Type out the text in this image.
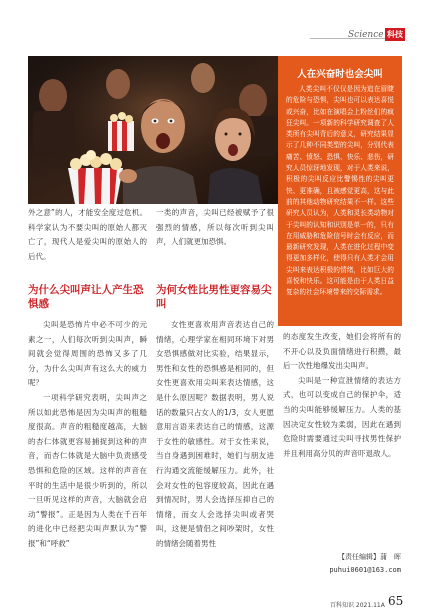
Science 科技
人在兴奋时也会尖叫
人类尖叫不仅仅是因为追在眉睫的危险与恐惧，尖叫也可以表达喜悦或兴奋，比如在演唱会上粉丝们的疯狂尖叫。一项新的科学研究调查了人类所有尖叫背后的意义，研究结果显示了几种不同类型的尖叫，分别代表痛苦、愤怒、恐惧、快乐、悲伤，研究人员惊讶地发现，对于人类来说，积极的尖叫反应比警惕性的尖叫更快、更准确，且被感觉更高，这与此前的其他动物研究结果不一样。这些研究人员认为，人类和灵长类动物对于尖叫的认知和识别是单一的，只有在用威胁和危险信号时会有反应，而最新研究发现，人类在进化过程中变得更加多样化，使得只有人类才会用尖叫来表达积极的情绪，比如巨大的喜悦和快乐。这可能是由于人类日益复杂的社会环境带来的交际需求。

外之意”的人，才能安全度过危机。科学家认为不要尖叫的原始人都灭亡了，现代人是爱尖叫的原始人的后代。

为什么尖叫声让人产生恐惧感

尖叫是恐怖片中必不可少的元素之一，人们每次听到尖叫声，瞬间就会觉得周围的恐怖又多了几分，为什么尖叫声有这么大的威力呢？

一项科学研究表明，尖叫声之所以如此恐怖是因为尖叫声的粗糙度很高。声音的粗糙度越高，大脑的杏仁体就更容易捕捉到这种的声音，而杏仁体就是大脑中负责感受恐惧和危险的区域。这样的声音在平时的生活中是很少听到的，所以一旦听见这样的声音，大脑就会启动“警报”。正是因为人类在千百年的进化中已经把尖叫声默认为“警报”和“呼救”

一类的声音，尖叫已经被赋予了很强烈的情感，所以每次听到尖叫声，人们就更加恐惧。

为何女性比男性更容易尖叫

女性更喜欢用声音表达自己的情绪，心理学家在相同环境下对男女恐惧感做对比实验，结果显示，男性和女性的恐惧感是相同的，但女性更喜欢用尖叫来表达情感，这是什么原因呢？数据表明，男人说话的数量只占女人的1/3，女人更愿意用言语来表达自己的情感，这源于女性的敏感性。对于女性来说，当自身遇到困难时，她们与朋友进行沟通交流能缓解压力。此外，社会对女性的包容度较高，因此在遇到情况时，男人会选择压抑自己的情绪，而女人会选择尖叫或者哭叫，这便是情侣之间吵架时，女性的情绪会随着男性

的态度发生改变，她们会将所有的不开心以及负面情绪进行积攒，最后一次性地爆发出尖叫声。

尖叫是一种宣泄情绪的表达方式，也可以变成自己的保护伞，适当的尖叫能够缓解压力。人类的基因决定女性较为柔弱，因此在遇到危险时需要通过尖叫寻找男性保护并且利用高分贝的声音吓退敌人。

【责任编辑】蒲　晖
puhui0601@163.com
百科知识 2021.11A 65
